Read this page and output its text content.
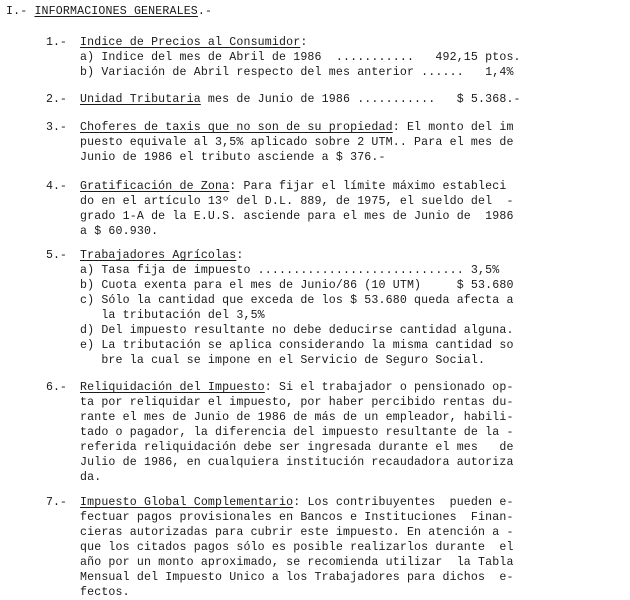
I.- INFORMACIONES GENERALES.-
1.- Indice de Precios al Consumidor:
a) Indice del mes de Abril de 1986  ...........   492,15 ptos.
b) Variación de Abril respecto del mes anterior ......   1,4%
2.- Unidad Tributaria mes de Junio de 1986 ...........   $ 5.368.-
3.- Choferes de taxis que no son de su propiedad: El monto del im
puesto equivale al 3,5% aplicado sobre 2 UTM.. Para el mes de
Junio de 1986 el tributo asciende a $ 376.-
4.- Gratificación de Zona: Para fijar el límite máximo estableci
do en el artículo 13º del D.L. 889, de 1975, el sueldo del  -
grado 1-A de la E.U.S. asciende para el mes de Junio de  1986
a $ 60.930.
5.- Trabajadores Agrícolas:
a) Tasa fija de impuesto ............................. 3,5%
b) Cuota exenta para el mes de Junio/86 (10 UTM)     $ 53.680
c) Sólo la cantidad que exceda de los $ 53.680 queda afecta a
la tributación del 3,5%
d) Del impuesto resultante no debe deducirse cantidad alguna.
e) La tributación se aplica considerando la misma cantidad so
bre la cual se impone en el Servicio de Seguro Social.
6.- Reliquidación del Impuesto: Si el trabajador o pensionado op-
ta por reliquidar el impuesto, por haber percibido rentas du-
rante el mes de Junio de 1986 de más de un empleador, habili-
tado o pagador, la diferencia del impuesto resultante de la -
referida reliquidación debe ser ingresada durante el mes   de
Julio de 1986, en cualquiera institución recaudadora autoriza
da.
7.- Impuesto Global Complementario: Los contribuyentes  pueden e-
fectuar pagos provisionales en Bancos e Instituciones  Finan-
cieras autorizadas para cubrir este impuesto. En atención a -
que los citados pagos sólo es posible realizarlos durante  el
año por un monto aproximado, se recomienda utilizar  la Tabla
Mensual del Impuesto Unico a los Trabajadores para dichos  e-
fectos.
